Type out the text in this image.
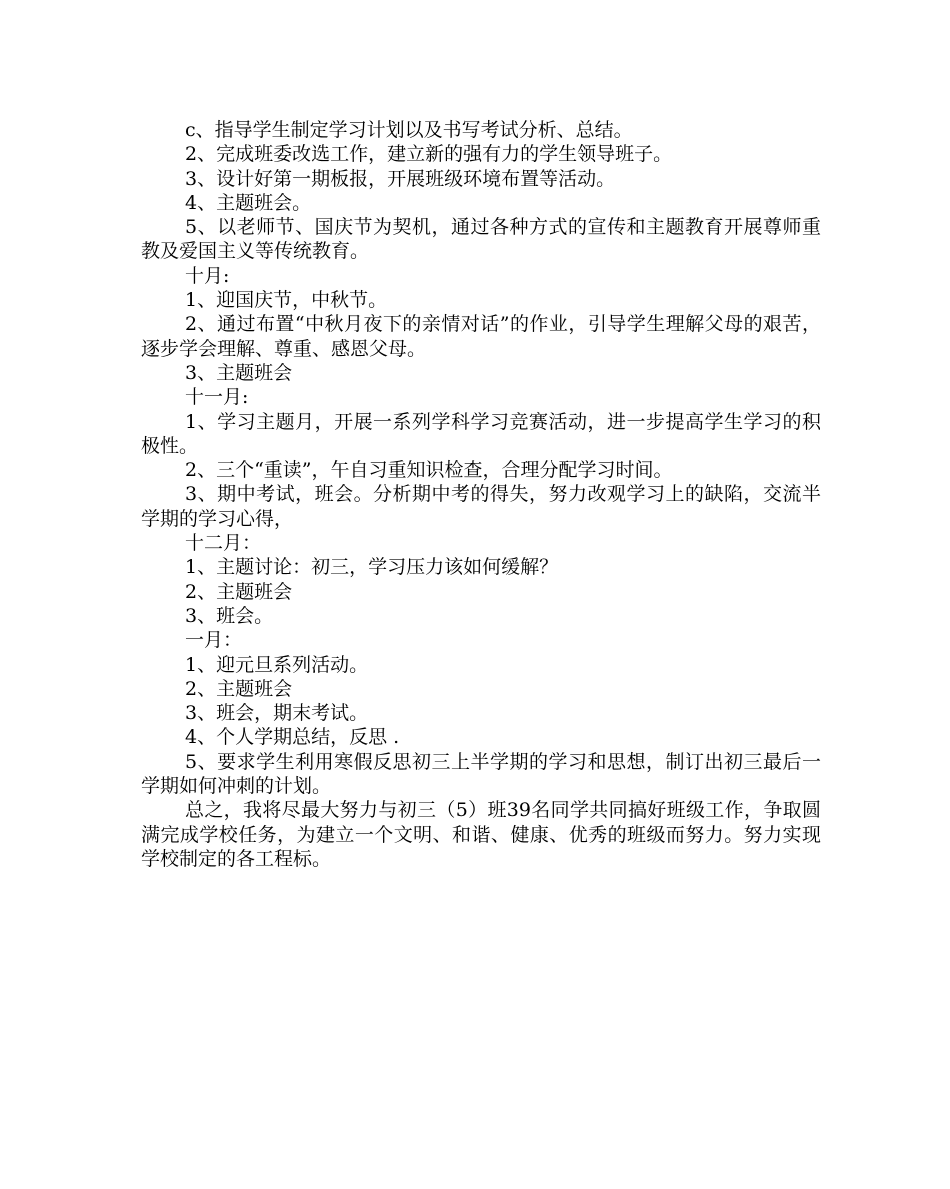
c、指导学生制定学习计划以及书写考试分析、总结。

2、完成班委改选工作，建立新的强有力的学生领导班子。

3、设计好第一期板报，开展班级环境布置等活动。

4、主题班会。

5、以老师节、国庆节为契机，通过各种方式的宣传和主题教育开展尊师重教及爱国主义等传统教育。

十月:

1、迎国庆节，中秋节。

2、通过布置“中秋月夜下的亲情对话”的作业，引导学生理解父母的艰苦，逐步学会理解、尊重、感恩父母。

3、主题班会

十一月:

1、学习主题月，开展一系列学科学习竞赛活动，进一步提高学生学习的积极性。

2、三个“重读”，午自习重知识检查，合理分配学习时间。

3、期中考试，班会。分析期中考的得失，努力改观学习上的缺陷，交流半学期的学习心得，

十二月：

1、主题讨论：初三，学习压力该如何缓解？

2、主题班会

3、班会。

一月：

1、迎元旦系列活动。

2、主题班会

3、班会，期末考试。

4、个人学期总结，反思 .

5、要求学生利用寒假反思初三上半学期的学习和思想，制订出初三最后一学期如何冲刺的计划。

总之，我将尽最大努力与初三（5）班39名同学共同搞好班级工作，争取圆满完成学校任务，为建立一个文明、和谐、健康、优秀的班级而努力。努力实现学校制定的各工程标。
